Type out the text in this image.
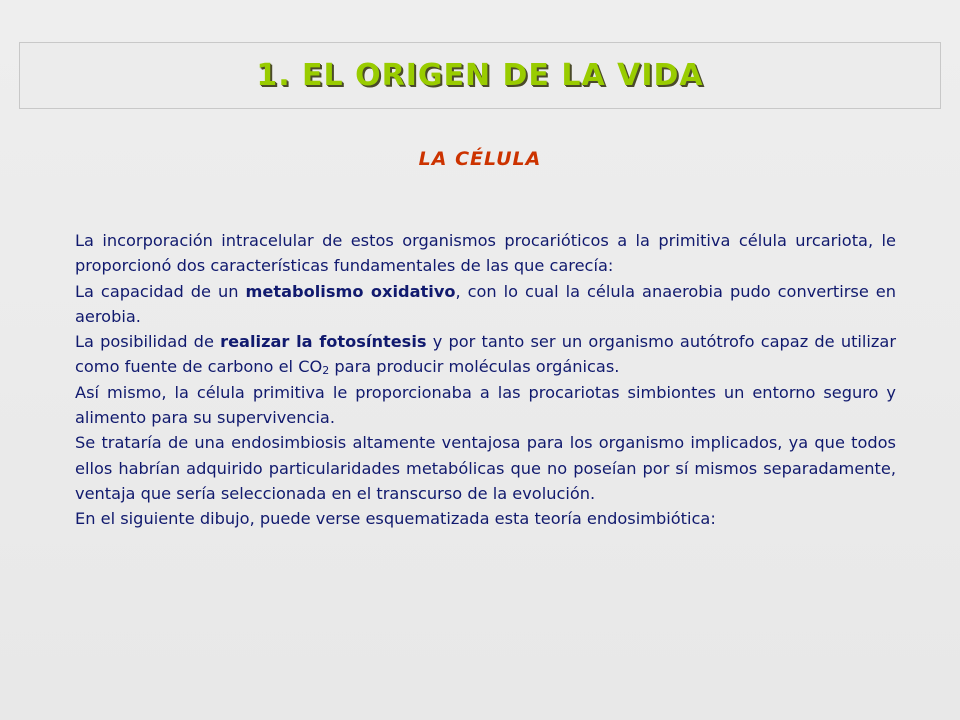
1. EL ORIGEN DE LA VIDA
LA CÉLULA

La incorporación intracelular de estos organismos procarióticos a la primitiva célula urcariota, le proporcionó dos características fundamentales de las que carecía:

La capacidad de un metabolismo oxidativo, con lo cual la célula anaerobia pudo convertirse en aerobia.

La posibilidad de realizar la fotosíntesis y por tanto ser un organismo autótrofo capaz de utilizar como fuente de carbono el $CO_2$ para producir moléculas orgánicas.

Así mismo, la célula primitiva le proporcionaba a las procariotas simbiontes un entorno seguro y alimento para su supervivencia.

Se trataría de una endosimbiosis altamente ventajosa para los organismo implicados, ya que todos ellos habrían adquirido particularidades metabólicas que no poseían por sí mismos separadamente, ventaja que sería seleccionada en el transcurso de la evolución.

En el siguiente dibujo, puede verse esquematizada esta teoría endosimbiótica:
